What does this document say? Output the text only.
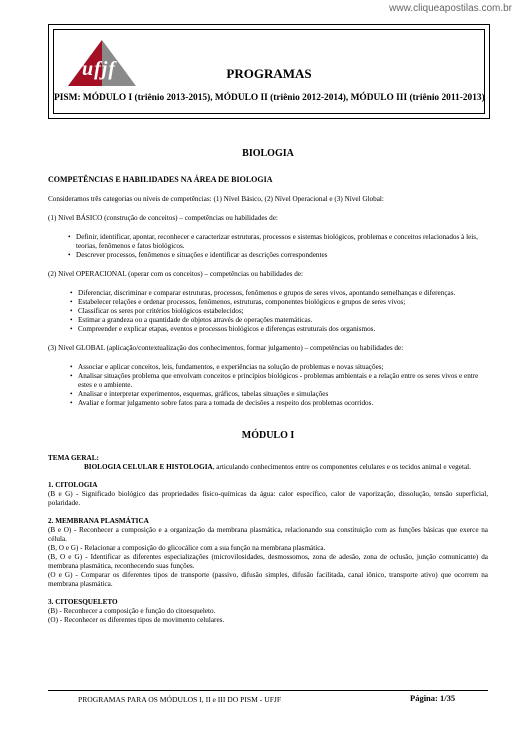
www.cliqueapostilas.com.br
ufjf	PROGRAMAS
PISM: MÓDULO I (triênio 2013-2015), MÓDULO II (triênio 2012-2014), MÓDULO III (triênio 2011-2013)

BIOLOGIA

COMPETÊNCIAS E HABILIDADES NA ÁREA DE BIOLOGIA

Consideramos três categorias ou níveis de competências: (1) Nível Básico, (2) Nível Operacional e (3) Nível Global:

(1) Nível BÁSICO (construção de conceitos) – competências ou habilidades de:

• Definir, identificar, apontar, reconhecer e caracterizar estruturas, processos e sistemas biológicos, problemas e conceitos relacionados à leis, teorias, fenômenos e fatos biológicos.
• Descrever processos, fenômenos e situações e identificar as descrições correspondentes

(2) Nível OPERACIONAL (operar com os conceitos) – competências ou habilidades de:

• Diferenciar, discriminar e comparar estruturas, processos, fenômenos e grupos de seres vivos, apontando semelhanças e diferenças.
• Estabelecer relações e ordenar processos, fenômenos, estruturas, componentes biológicos e grupos de seres vivos;
• Classificar os seres por critérios biológicos estabelecidos;
• Estimar a grandeza ou a quantidade de objetos através de operações matemáticas.
• Compreender e explicar etapas, eventos e processos biológicos e diferenças estruturais dos organismos.

(3) Nível GLOBAL (aplicação/contextualização dos conhecimentos, formar julgamento) – competências ou habilidades de:

• Associar e aplicar conceitos, leis, fundamentos, e experiências na solução de problemas e novas situações;
• Analisar situações problema que envolvam conceitos e princípios biológicos - problemas ambientais e a relação entre os seres vivos e entre estes e o ambiente.
• Analisar e interpretar experimentos, esquemas, gráficos, tabelas situações e simulações
• Avaliar e formar julgamento sobre fatos para a tomada de decisões a respeito dos problemas ocorridos.

MÓDULO I

TEMA GERAL:

BIOLOGIA CELULAR E HISTOLOGIA, articulando conhecimentos entre os componentes celulares e os tecidos animal e vegetal.

1. CITOLOGIA

(B e G) - Significado biológico das propriedades físico-químicas da água: calor específico, calor de vaporização, dissolução, tensão superficial, polaridade.

2. MEMBRANA PLASMÁTICA

(B e O) - Reconhecer a composição e a organização da membrana plasmática, relacionando sua constituição com as funções básicas que exerce na célula.

(B, O e G) - Relacionar a composição do glicocálice com a sua função na membrana plasmática.

(B, O e G) - Identificar as diferentes especializações (microvilosidades, desmossomos, zona de adesão, zona de oclusão, junção comunicante) da membrana plasmática, reconhecendo suas funções.

(O e G) - Comparar os diferentes tipos de transporte (passivo, difusão simples, difusão facilitada, canal iônico, transporte ativo) que ocorrem na membrana plasmática.

3. CITOESQUELETO

(B) - Reconhecer a composição e função do citoesqueleto.

(O) - Reconhecer os diferentes tipos de movimento celulares.

PROGRAMAS PARA OS MÓDULOS I, II e III DO PISM - UFJF	Página: 1/35
